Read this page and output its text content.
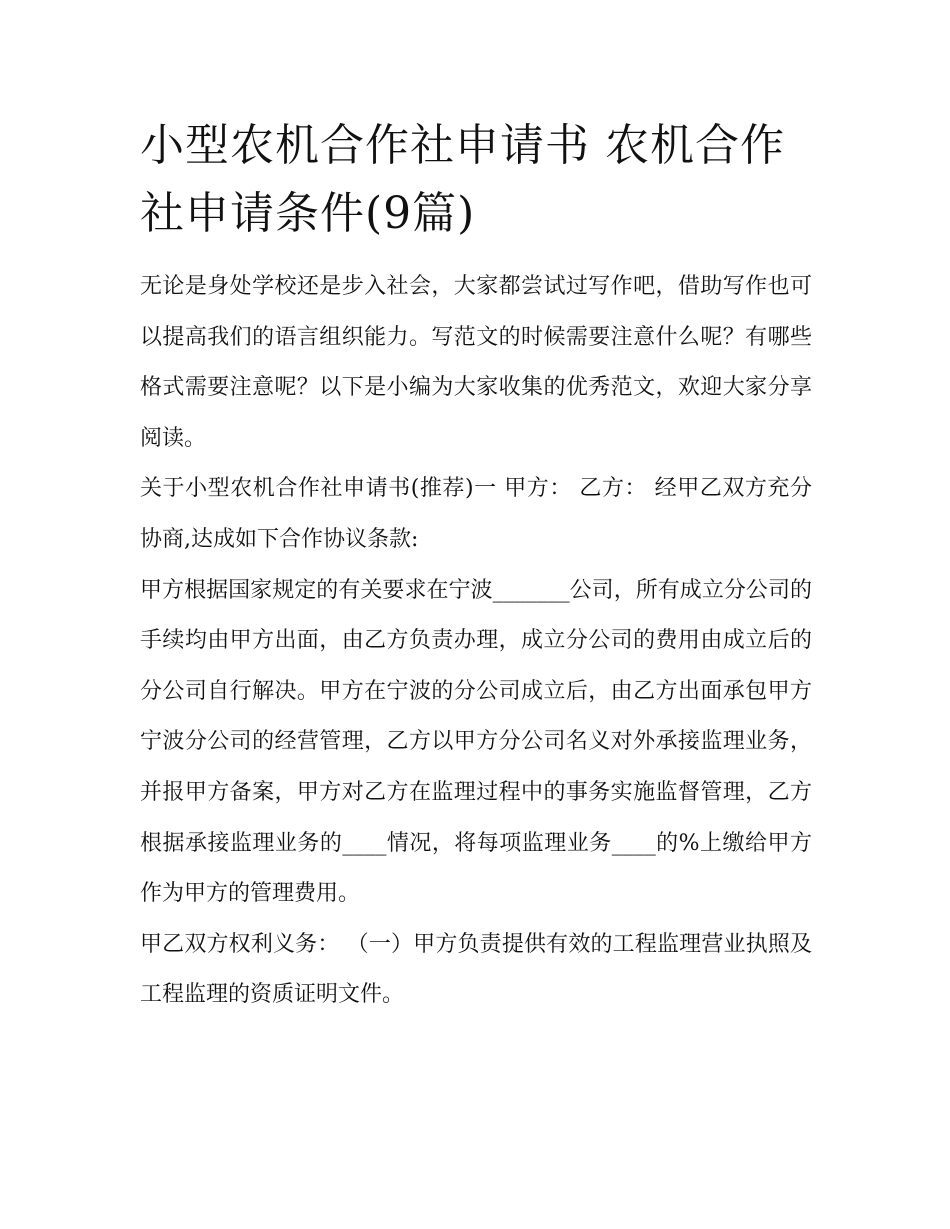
小型农机合作社申请书 农机合作社申请条件(9篇)

无论是身处学校还是步入社会，大家都尝试过写作吧，借助写作也可以提高我们的语言组织能力。写范文的时候需要注意什么呢？有哪些格式需要注意呢？以下是小编为大家收集的优秀范文，欢迎大家分享阅读。

关于小型农机合作社申请书(推荐)一 甲方： 乙方： 经甲乙双方充分协商,达成如下合作协议条款:

甲方根据国家规定的有关要求在宁波_______公司，所有成立分公司的手续均由甲方出面，由乙方负责办理，成立分公司的费用由成立后的分公司自行解决。甲方在宁波的分公司成立后，由乙方出面承包甲方宁波分公司的经营管理，乙方以甲方分公司名义对外承接监理业务，并报甲方备案，甲方对乙方在监理过程中的事务实施监督管理，乙方根据承接监理业务的____情况，将每项监理业务____的%上缴给甲方作为甲方的管理费用。

甲乙双方权利义务： （一）甲方负责提供有效的工程监理营业执照及工程监理的资质证明文件。
